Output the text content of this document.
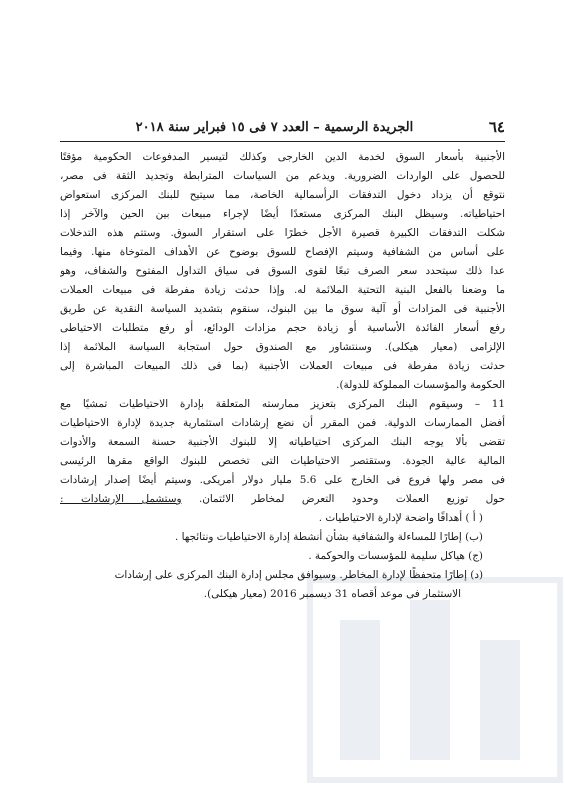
٦٤
الجريدة الرسمية – العدد ٧ فى ١٥ فبراير سنة ٢٠١٨
الأجنبية بأسعار السوق لخدمة الدين الخارجى وكذلك لتيسير المدفوعات الحكومية مؤقتًا
للحصول على الواردات الضرورية. ويدعم من السياسات المترابطة وتجديد الثقة فى مصر،
نتوقع أن يزداد دخول التدفقات الرأسمالية الخاصة، مما سيتيح للبنك المركزى استعواض
احتياطياته. وسيظل البنك المركزى مستعدًا أيضًا لإجراء مبيعات بين الحين والآخر إذا
شكلت التدفقات الكبيرة قصيرة الأجل خطرًا على استقرار السوق. وستتم هذه التدخلات
على أساس من الشفافية وسيتم الإفصاح للسوق بوضوح عن الأهداف المتوخاة منها. وفيما
عدا ذلك سيتحدد سعر الصرف تبعًا لقوى السوق فى سياق التداول المفتوح والشفاف، وهو
ما وضعنا بالفعل البنية التحتية الملائمة له. وإذا حدثت زيادة مفرطة فى مبيعات العملات
الأجنبية فى المزادات أو آلية سوق ما بين البنوك، سنقوم بتشديد السياسة النقدية عن طريق
رفع أسعار الفائدة الأساسية أو زيادة حجم مزادات الودائع، أو رفع متطلبات الاحتياطى
الإلزامى (معيار هيكلى). وسنتشاور مع الصندوق حول استجابة السياسة الملائمة إذا
حدثت زيادة مفرطة فى مبيعات العملات الأجنبية (بما فى ذلك المبيعات المباشرة إلى
الحكومة والمؤسسات المملوكة للدولة).
11 – وسيقوم البنك المركزى بتعزيز ممارسته المتعلقة بإدارة الاحتياطيات تمشيًا مع
أفضل الممارسات الدولية. فمن المقرر أن نضع إرشادات استثمارية جديدة لإدارة الاحتياطيات
تقضى بألا يوجه البنك المركزى احتياطياته إلا للبنوك الأجنبية حسنة السمعة والأدوات
المالية عالية الجودة. وستقتصر الاحتياطيات التى تخصص للبنوك الواقع مقرها الرئيسى
فى مصر ولها فروع فى الخارج على 5.6 مليار دولار أمريكى. وسيتم أيضًا إصدار إرشادات
حول توزيع العملات وحدود التعرض لمخاطر الائتمان. وستشمل الإرشادات :
( أ ) أهدافًا واضحة لإدارة الاحتياطيات .
(ب) إطارًا للمساءلة والشفافية بشأن أنشطة إدارة الاحتياطيات ونتائجها .
(ج) هياكل سليمة للمؤسسات والحوكمة .
(د) إطارًا متحفظًا لإدارة المخاطر. وسيوافق مجلس إدارة البنك المركزى على إرشادات
الاستثمار فى موعد أقصاه 31 ديسمبر 2016 (معيار هيكلى).
